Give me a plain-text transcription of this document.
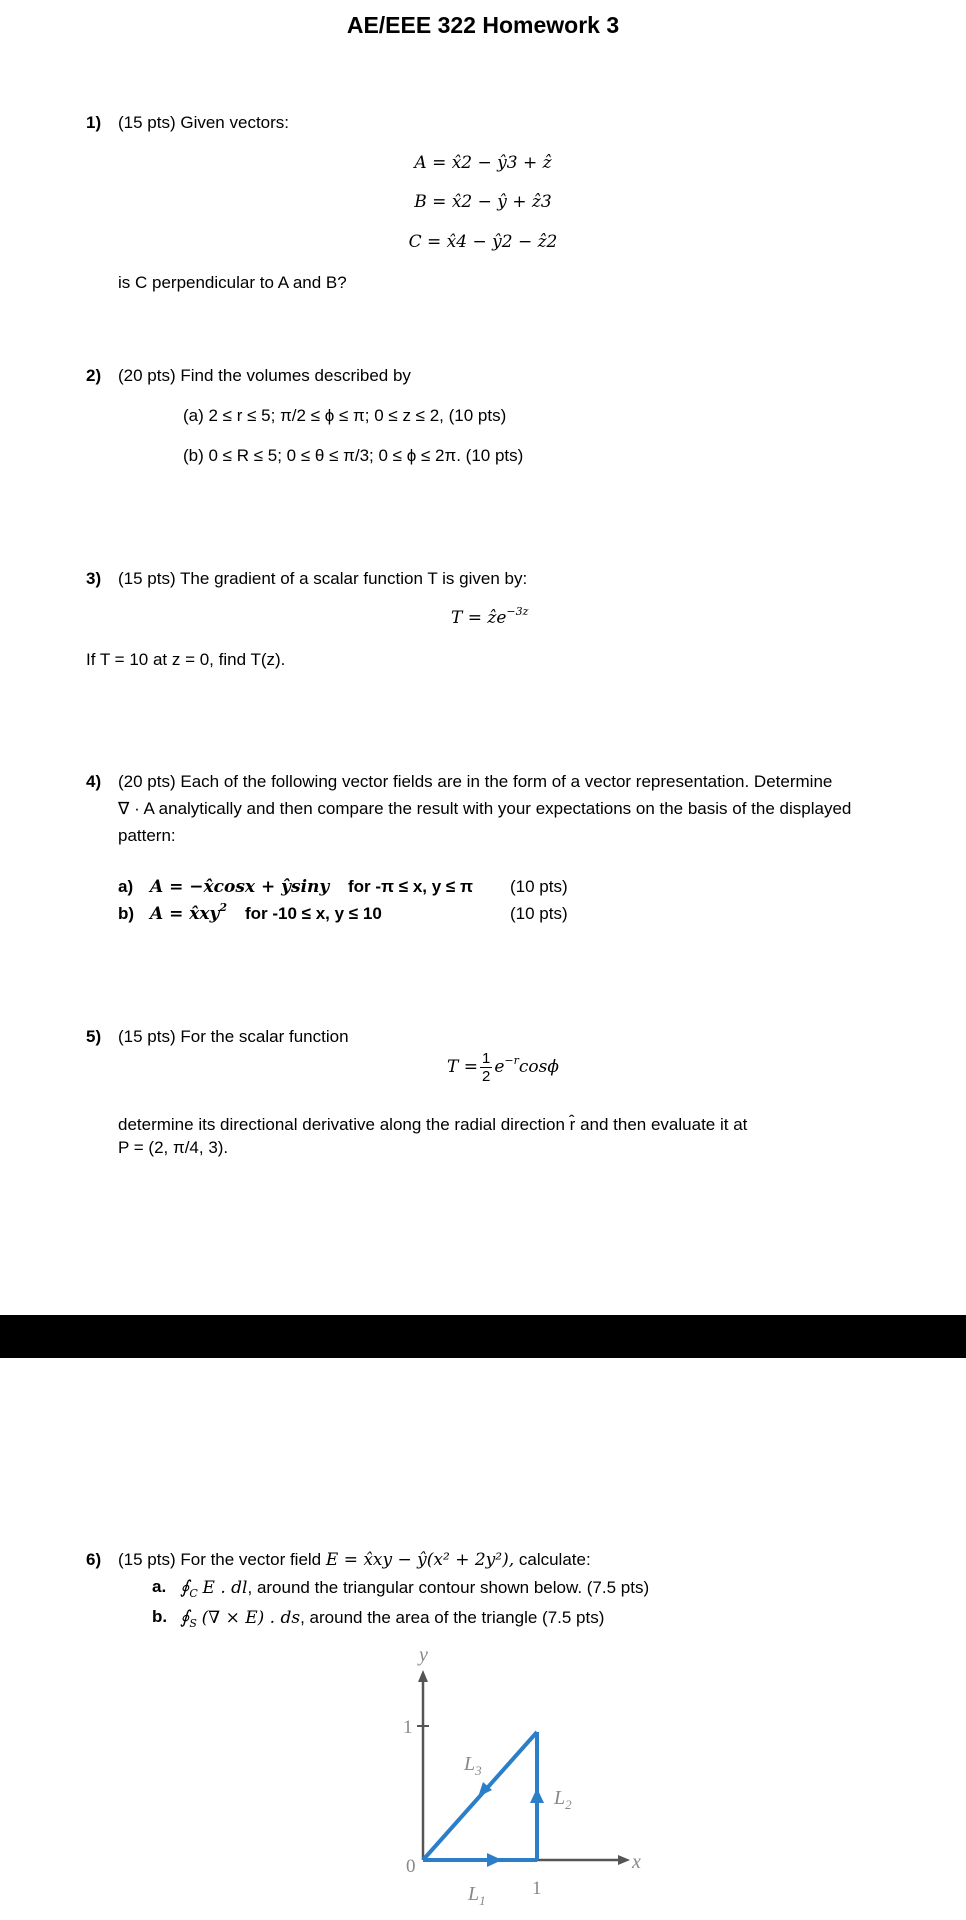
AE/EEE 322 Homework 3
1) (15 pts) Given vectors:
A = x̂2 − ŷ3 + ẑ
B = x̂2 − ŷ + ẑ3
C = x̂4 − ŷ2 − ẑ2
is C perpendicular to A and B?
2) (20 pts) Find the volumes described by
(a) 2 ≤ r ≤ 5; π/2 ≤ ϕ ≤ π; 0 ≤ z ≤ 2, (10 pts)
(b) 0 ≤ R ≤ 5; 0 ≤ θ ≤ π/3; 0 ≤ ϕ ≤ 2π. (10 pts)
3) (15 pts) The gradient of a scalar function T is given by:
T = ẑe$^{-3z}$
If T = 10 at z = 0, find T(z).
4) (20 pts) Each of the following vector fields are in the form of a vector representation. Determine
∇ · A analytically and then compare the result with your expectations on the basis of the displayed
pattern:
a) A = −x̂cosx + ŷsiny for -π ≤ x, y ≤ π (10 pts)
b) $A = x̂xy^2$ for -10 ≤ x, y ≤ 10	(10 pts)
5) (15 pts) For the scalar function
$T = \frac{1}{2} e^{-r}\cos\phi$
determine its directional derivative along the radial direction r̂ and then evaluate it at
P = (2, π/4, 3).
6) (15 pts) For the vector field E = x̂xy − ŷ(x² + 2y²), calculate:
a. $∮_C$ E . dl, around the triangular contour shown below. (7.5 pts)
b. $∮_S$ (∇ × E) . ds, around the area of the triangle (7.5 pts)
y
x
1
0
1
$L_1$
$L_2$
$L_3$
